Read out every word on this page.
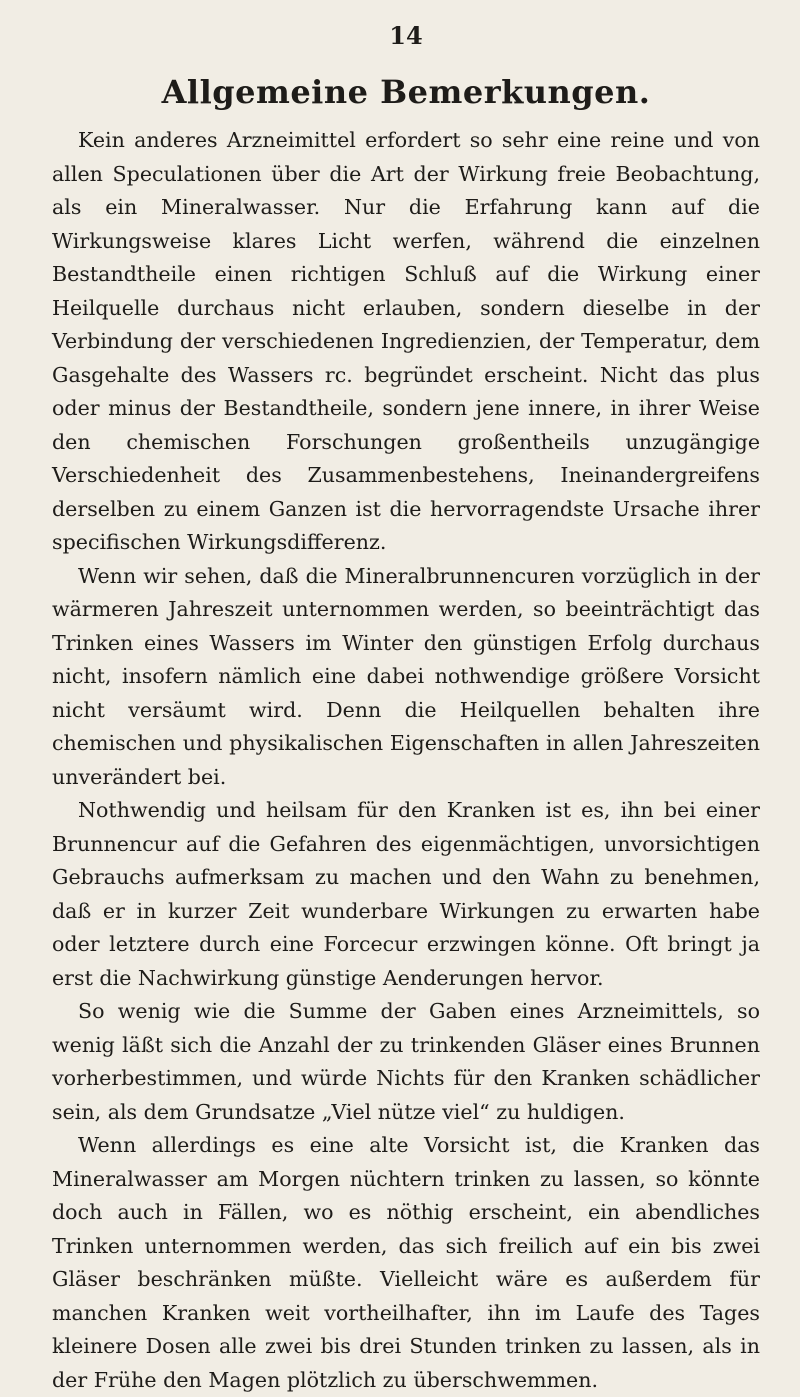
14
Allgemeine Bemerkungen.

Kein anderes Arzneimittel erfordert so sehr eine reine und von allen Speculationen über die Art der Wirkung freie Beobachtung, als ein Mineralwasser. Nur die Erfahrung kann auf die Wirkungsweise klares Licht werfen, während die einzelnen Bestandtheile einen richtigen Schluß auf die Wirkung einer Heilquelle durchaus nicht erlauben, sondern dieselbe in der Verbindung der verschiedenen Ingredienzien, der Temperatur, dem Gasgehalte des Wassers rc. begründet erscheint. Nicht das plus oder minus der Bestandtheile, sondern jene innere, in ihrer Weise den chemischen Forschungen großentheils unzugängige Verschiedenheit des Zusammenbestehens, Ineinandergreifens derselben zu einem Ganzen ist die hervorragendste Ursache ihrer specifischen Wirkungsdifferenz.

Wenn wir sehen, daß die Mineralbrunnencuren vorzüglich in der wärmeren Jahreszeit unternommen werden, so beeinträchtigt das Trinken eines Wassers im Winter den günstigen Erfolg durchaus nicht, insofern nämlich eine dabei nothwendige größere Vorsicht nicht versäumt wird. Denn die Heilquellen behalten ihre chemischen und physikalischen Eigenschaften in allen Jahreszeiten unverändert bei.

Nothwendig und heilsam für den Kranken ist es, ihn bei einer Brunnencur auf die Gefahren des eigenmächtigen, unvorsichtigen Gebrauchs aufmerksam zu machen und den Wahn zu benehmen, daß er in kurzer Zeit wunderbare Wirkungen zu erwarten habe oder letztere durch eine Forcecur erzwingen könne. Oft bringt ja erst die Nachwirkung günstige Aenderungen hervor.

So wenig wie die Summe der Gaben eines Arzneimittels, so wenig läßt sich die Anzahl der zu trinkenden Gläser eines Brunnen vorherbestimmen, und würde Nichts für den Kranken schädlicher sein, als dem Grundsatze „Viel nütze viel“ zu huldigen.

Wenn allerdings es eine alte Vorsicht ist, die Kranken das Mineralwasser am Morgen nüchtern trinken zu lassen, so könnte doch auch in Fällen, wo es nöthig erscheint, ein abendliches Trinken unternommen werden, das sich freilich auf ein bis zwei Gläser beschränken müßte. Vielleicht wäre es außerdem für manchen Kranken weit vortheilhafter, ihn im Laufe des Tages kleinere Dosen alle zwei bis drei Stunden trinken zu lassen, als in der Frühe den Magen plötzlich zu überschwemmen.
